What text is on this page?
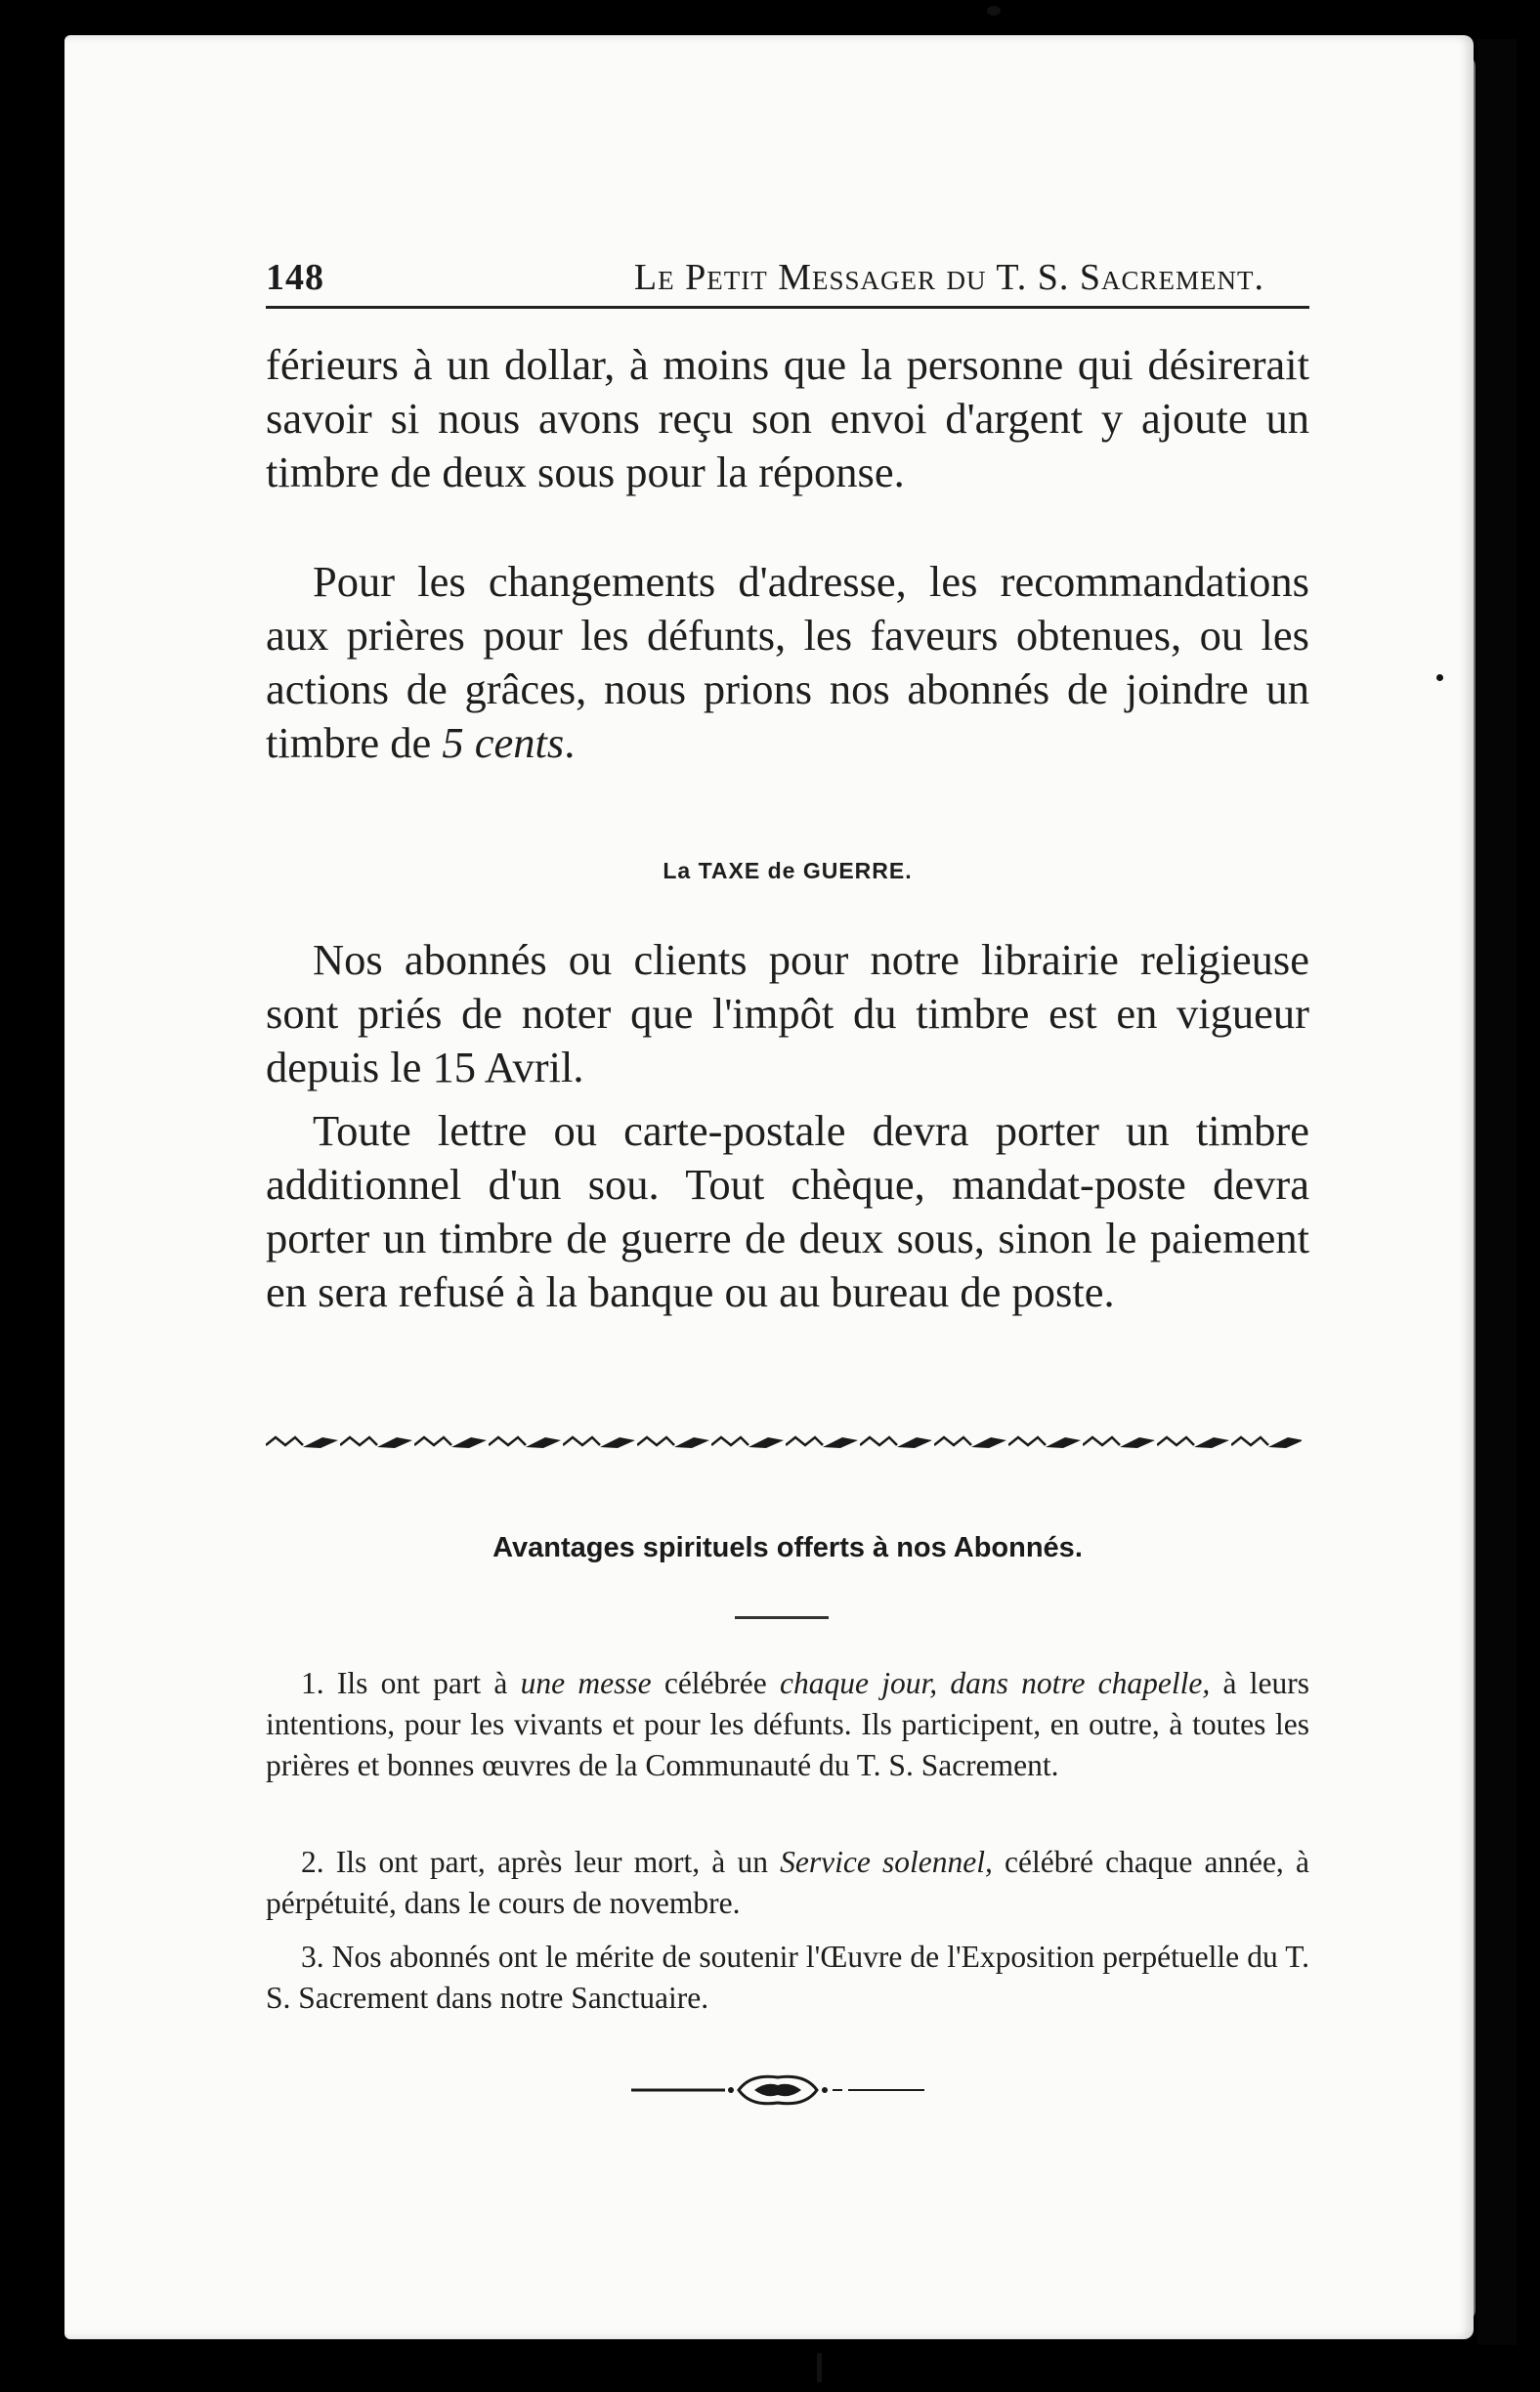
148	Le Petit Messager du T. S. Sacrement.

férieurs à un dollar, à moins que la personne qui désirerait savoir si nous avons reçu son envoi d'argent y ajoute un timbre de deux sous pour la réponse.

Pour les changements d'adresse, les recommandations aux prières pour les défunts, les faveurs obtenues, ou les actions de grâces, nous prions nos abonnés de joindre un timbre de 5 cents.

La TAXE de GUERRE.

Nos abonnés ou clients pour notre librairie religieuse sont priés de noter que l'impôt du timbre est en vigueur depuis le 15 Avril.

Toute lettre ou carte-postale devra porter un timbre additionnel d'un sou. Tout chèque, mandat-poste devra porter un timbre de guerre de deux sous, sinon le paiement en sera refusé à la banque ou au bureau de poste.

Avantages spirituels offerts à nos Abonnés.

1. Ils ont part à une messe célébrée chaque jour, dans notre chapelle, à leurs intentions, pour les vivants et pour les défunts. Ils participent, en outre, à toutes les prières et bonnes œuvres de la Communauté du T. S. Sacrement.

2. Ils ont part, après leur mort, à un Service solennel, célébré chaque année, à pérpétuité, dans le cours de novembre.

3. Nos abonnés ont le mérite de soutenir l'Œuvre de l'Exposition perpétuelle du T. S. Sacrement dans notre Sanctuaire.
